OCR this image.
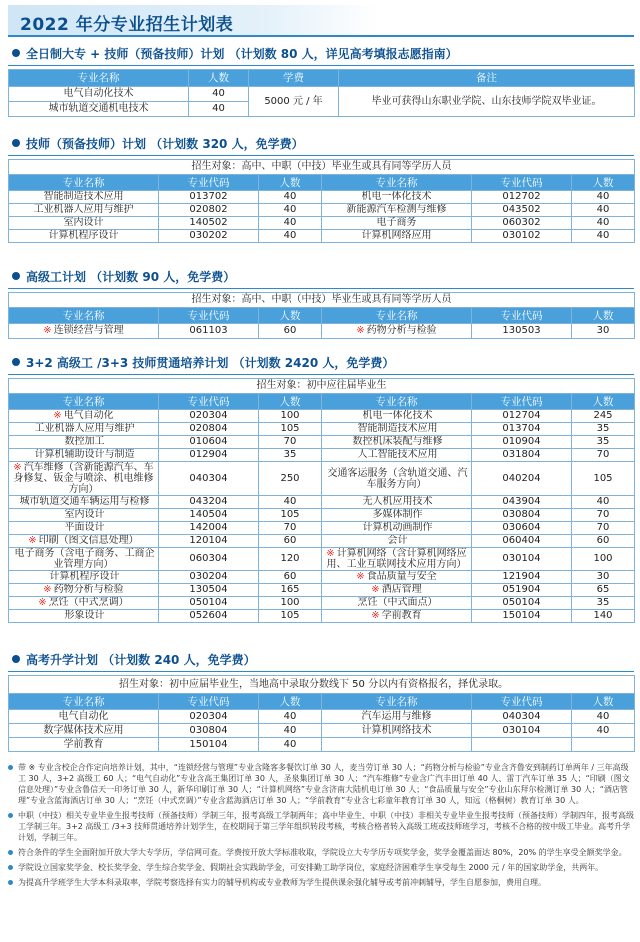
2022 年分专业招生计划表
全日制大专 + 技师（预备技师）计划 （计划数 80 人，详见高考填报志愿指南）
专业名称	人数	学费	备注
电气自动化技术	40	5000 元 / 年	毕业可获得山东职业学院、山东技师学院双毕业证。
城市轨道交通机电技术	40		
技师（预备技师）计划 （计划数 320 人，免学费）
招生对象：高中、中职（中技）毕业生或具有同等学历人员					
专业名称	专业代码	人数	专业名称	专业代码	人数
智能制造技术应用	013702	40	机电一体化技术	012702	40
工业机器人应用与维护	020802	40	新能源汽车检测与维修	043502	40
室内设计	140502	40	电子商务	060302	40
计算机程序设计	030202	40	计算机网络应用	030102	40
高级工计划 （计划数 90 人，免学费）
招生对象：高中、中职（中技）毕业生或具有同等学历人员					
专业名称	专业代码	人数	专业名称	专业代码	人数
※ 连锁经营与管理	061103	60	※ 药物分析与检验	130503	30
3+2 高级工 /3+3 技师贯通培养计划 （计划数 2420 人，免学费）
招生对象：初中应往届毕业生					
专业名称	专业代码	人数	专业名称	专业代码	人数
※ 电气自动化	020304	100	机电一体化技术	012704	245
工业机器人应用与维护	020804	105	智能制造技术应用	013704	35
数控加工	010604	70	数控机床装配与维修	010904	35
计算机辅助设计与制造	012904	35	人工智能技术应用	031804	70
※ 汽车维修（含新能源汽车、车身修复、钣金与喷涂、机电维修方向）	040304	250	交通客运服务（含轨道交通、汽车服务方向）	040204	105
城市轨道交通车辆运用与检修	043204	40	无人机应用技术	043904	40
室内设计	140504	105	多媒体制作	030804	70
平面设计	142004	70	计算机动画制作	030604	70
※ 印刷（图文信息处理）	120104	60	会计	060404	60
电子商务（含电子商务、工商企业管理方向）	060304	120	※ 计算机网络（含计算机网络应用、工业互联网技术应用方向）	030104	100
计算机程序设计	030204	60	※ 食品质量与安全	121904	30
※ 药物分析与检验	130504	165	※ 酒店管理	051904	65
※ 烹饪（中式烹调）	050104	100	烹饪（中式面点）	050104	35
形象设计	052604	105	※ 学前教育	150104	140
高考升学计划 （计划数 240 人，免学费）
招生对象：初中应届毕业生，当地高中录取分数线下 50 分以内有资格报名，择优录取。					
专业名称	专业代码	人数	专业名称	专业代码	人数
电气自动化	020304	40	汽车运用与维修	040304	40
数字媒体技术应用	030804	40	计算机网络技术	030104	40
学前教育	150104	40			
带 ※ 专业含校企合作定向培养计划，其中，“连锁经营与管理”专业含隆客多餐饮订单 30 人，麦当劳订单 30 人；“药物分析与检验”专业含齐鲁安到制药订单两年 / 三年高级工 30 人，3+2 高级工 60 人；“电气自动化”专业含高王集团订单 30 人，圣泉集团订单 30 人；“汽车维修”专业含广汽丰田订单 40 人、雷丁汽车订单 35 人；“印刷（图文信息处理）”专业含鲁信天一印务订单 30 人，新华印刷订单 30 人；“计算机网络”专业含济南大陆机电订单 30 人；“食品质量与安全”专业山东拜尔检测订单 30 人；“酒店管理”专业含蓝海酒店订单 30 人；“烹饪（中式烹调）”专业含蓝海酒店订单 30 人；“学前教育”专业含七彩童年教育订单 30 人，知远（格桐树）教育订单 30 人。
中职（中技）相关专业毕业生报考技师（预备技师）学制三年，报考高级工学制两年；高中毕业生、中职（中技）非相关专业毕业生报考技师（预备技师）学制四年，报考高级工学制三年。3+2 高级工 /3+3 技师贯通培养计划学生，在校期间于第三学年组织转段考核，考核合格者转入高级工班或技师班学习，考核不合格的按中级工毕业。高考升学计划，学制三年。
符合条件的学生全面附加开放大学大专学历，学信网可查。学费按开放大学标准收取，学院设立大专学历专项奖学金，奖学金覆盖面达 80%，20% 的学生享受全额奖学金。
学院设立国家奖学金、校长奖学金、学生综合奖学金、假期社会实践助学金，可安排勤工助学岗位，家庭经济困难学生享受每生 2000 元 / 年的国家助学金，共两年。
为提高升学班学生大学本科录取率，学院考察选择有实力的辅导机构或专业教师为学生提供课余强化辅导或考前冲刺辅导，学生自愿参加，费用自理。
